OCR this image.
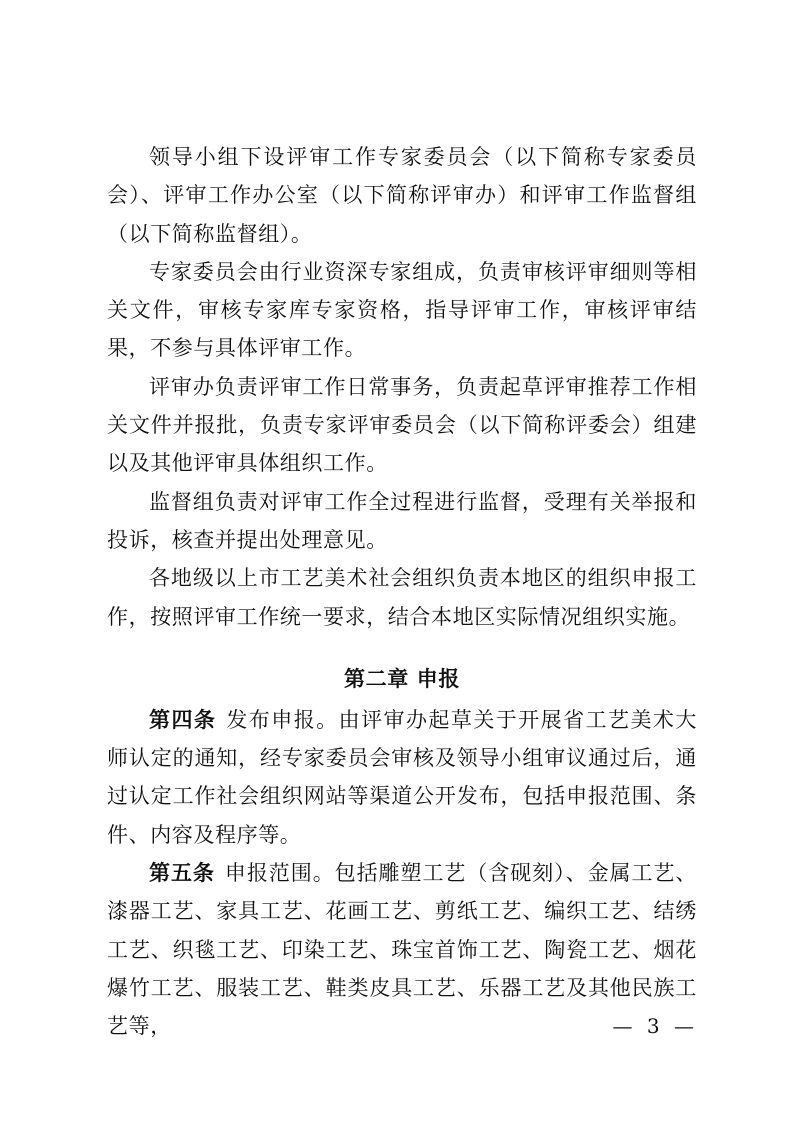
领导小组下设评审工作专家委员会（以下简称专家委员会）、评审工作办公室（以下简称评审办）和评审工作监督组（以下简称监督组）。

专家委员会由行业资深专家组成，负责审核评审细则等相关文件，审核专家库专家资格，指导评审工作，审核评审结果，不参与具体评审工作。

评审办负责评审工作日常事务，负责起草评审推荐工作相关文件并报批，负责专家评审委员会（以下简称评委会）组建以及其他评审具体组织工作。

监督组负责对评审工作全过程进行监督，受理有关举报和投诉，核查并提出处理意见。

各地级以上市工艺美术社会组织负责本地区的组织申报工作，按照评审工作统一要求，结合本地区实际情况组织实施。

第二章 申报

第四条 发布申报。由评审办起草关于开展省工艺美术大师认定的通知，经专家委员会审核及领导小组审议通过后，通过认定工作社会组织网站等渠道公开发布，包括申报范围、条件、内容及程序等。

第五条 申报范围。包括雕塑工艺（含砚刻）、金属工艺、漆器工艺、家具工艺、花画工艺、剪纸工艺、编织工艺、结绣工艺、织毯工艺、印染工艺、珠宝首饰工艺、陶瓷工艺、烟花爆竹工艺、服装工艺、鞋类皮具工艺、乐器工艺及其他民族工艺等，	— 3 —
